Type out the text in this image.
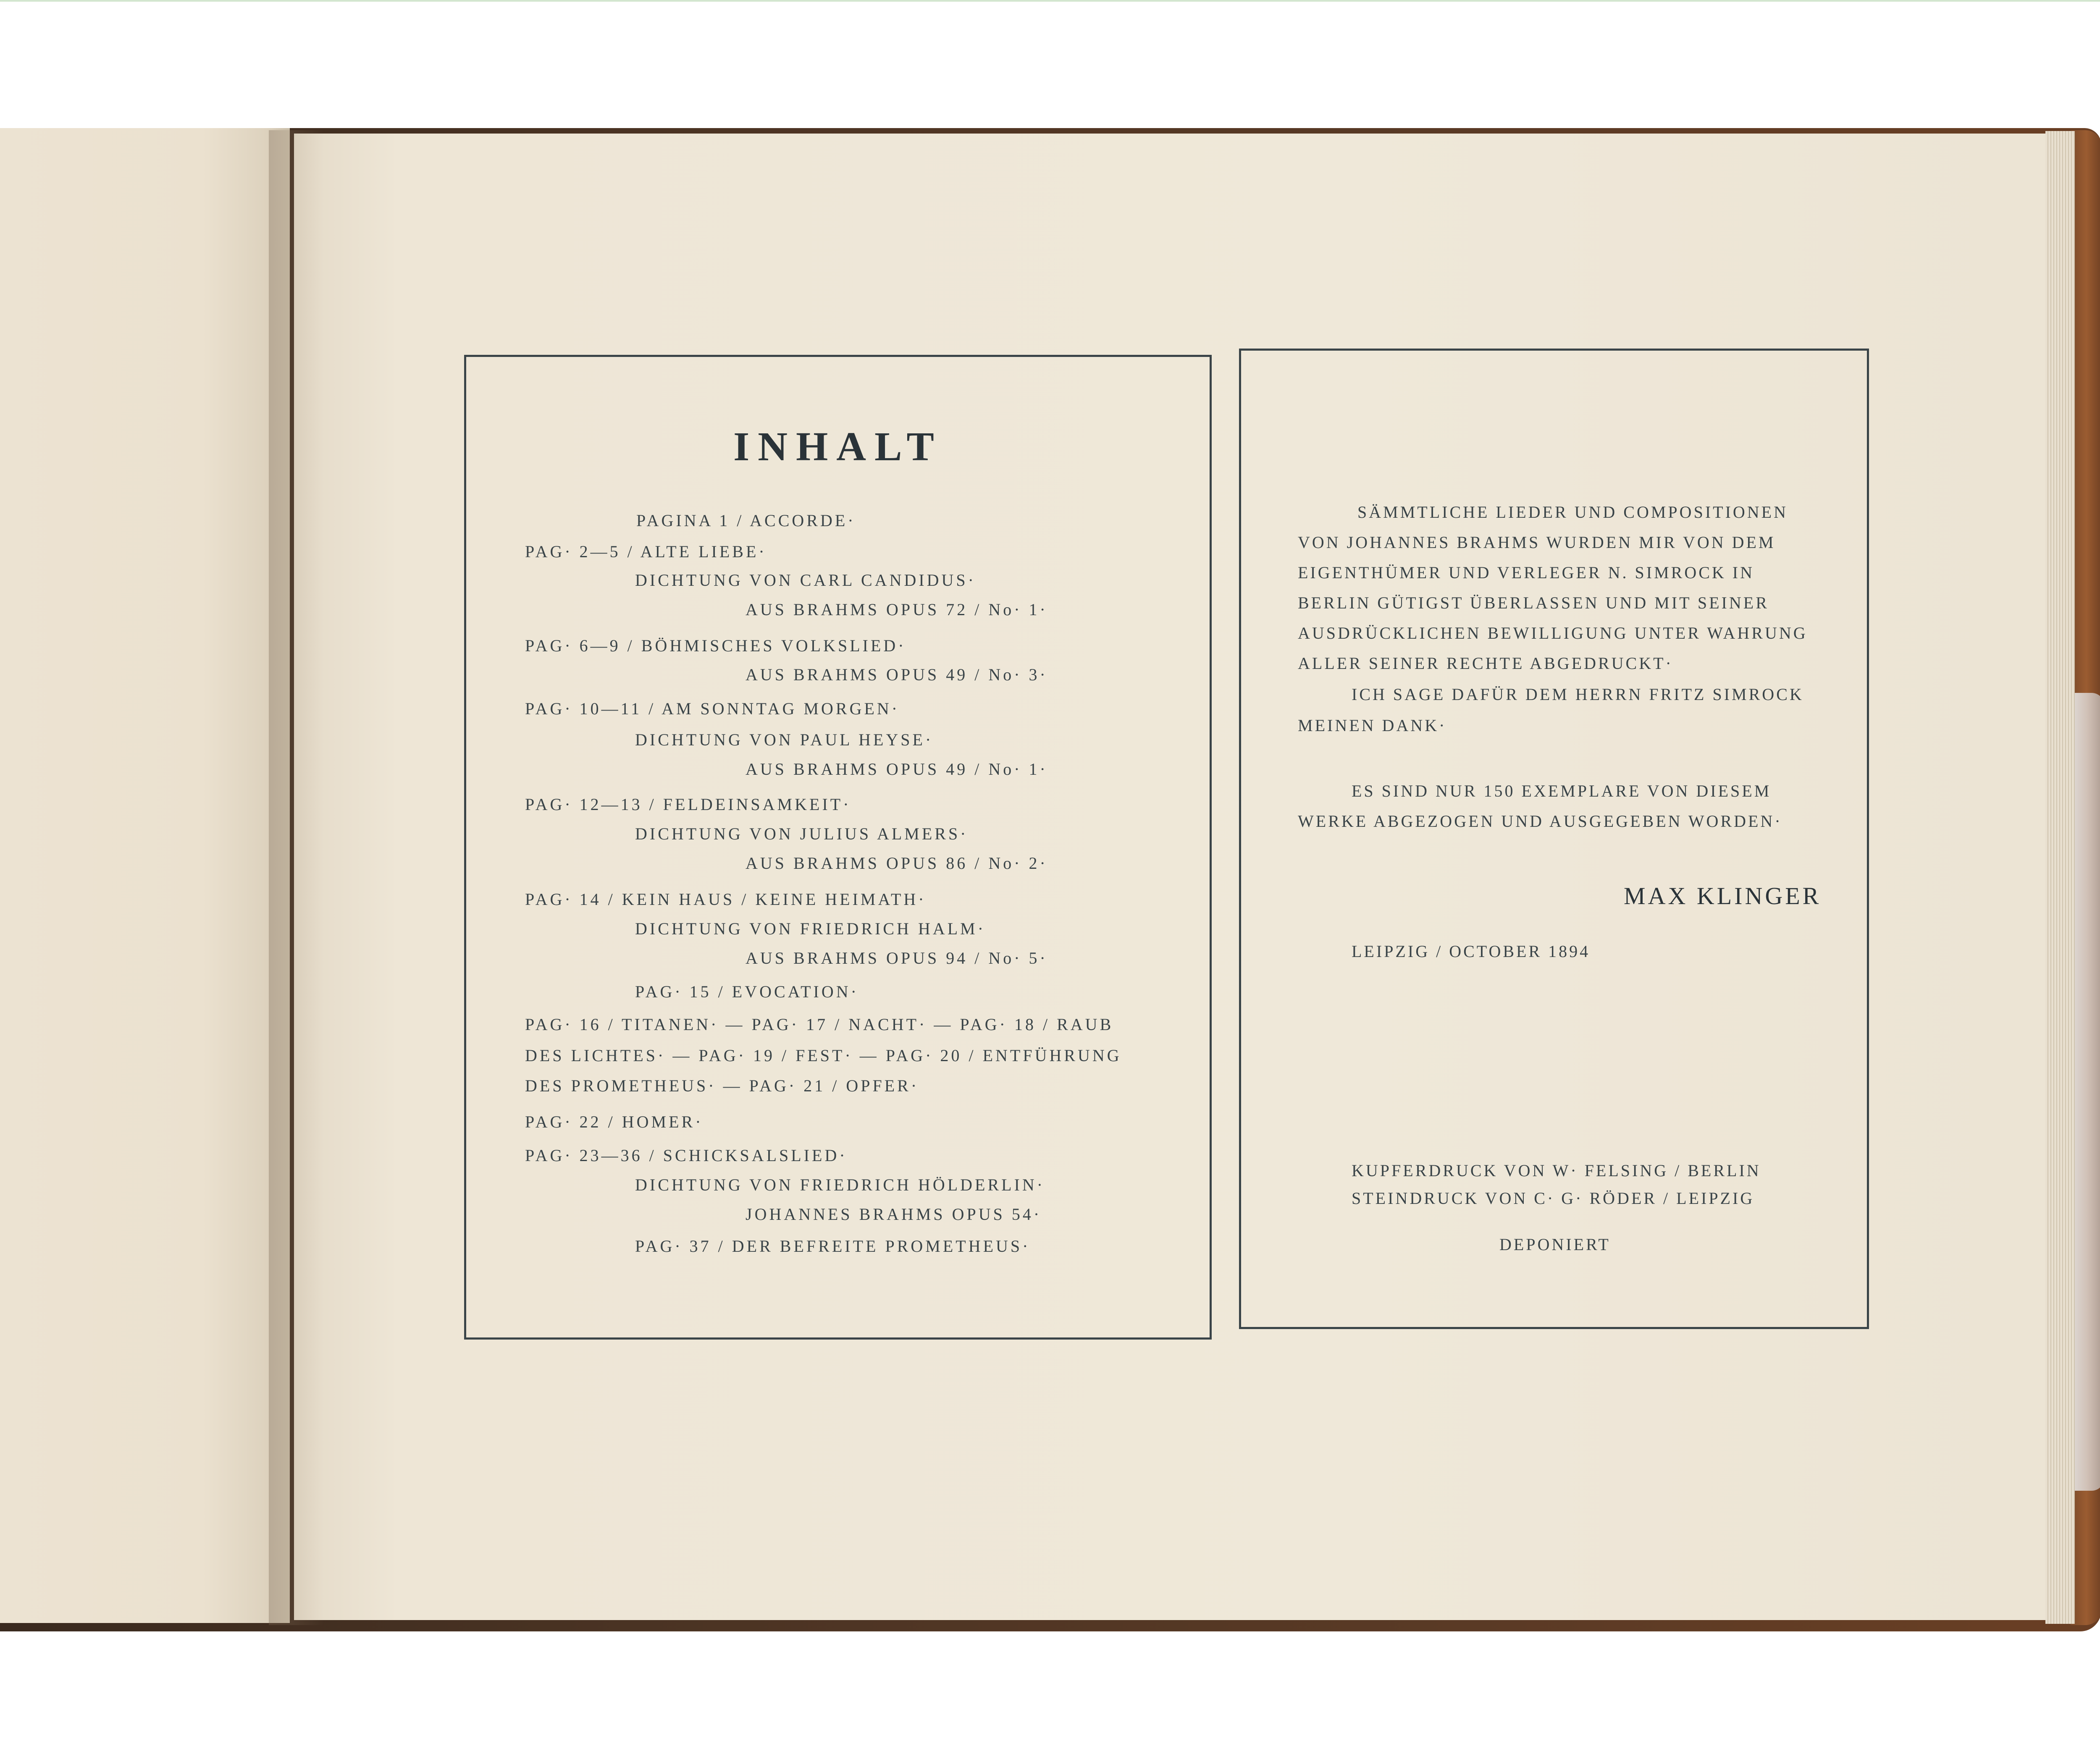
INHALT
PAGINA 1 / ACCORDE·
PAG· 2—5 / ALTE LIEBE·
DICHTUNG VON CARL CANDIDUS·
AUS BRAHMS OPUS 72 / No· 1·
PAG· 6—9 / BÖHMISCHES VOLKSLIED·
AUS BRAHMS OPUS 49 / No· 3·
PAG· 10—11 / AM SONNTAG MORGEN·
DICHTUNG VON PAUL HEYSE·
AUS BRAHMS OPUS 49 / No· 1·
PAG· 12—13 / FELDEINSAMKEIT·
DICHTUNG VON JULIUS ALMERS·
AUS BRAHMS OPUS 86 / No· 2·
PAG· 14 / KEIN HAUS / KEINE HEIMATH·
DICHTUNG VON FRIEDRICH HALM·
AUS BRAHMS OPUS 94 / No· 5·
PAG· 15 / EVOCATION·
PAG· 16 / TITANEN· — PAG· 17 / NACHT· — PAG· 18 / RAUB
DES LICHTES· — PAG· 19 / FEST· — PAG· 20 / ENTFÜHRUNG
DES PROMETHEUS· — PAG· 21 / OPFER·
PAG· 22 / HOMER·
PAG· 23—36 / SCHICKSALSLIED·
DICHTUNG VON FRIEDRICH HÖLDERLIN·
JOHANNES BRAHMS OPUS 54·
PAG· 37 / DER BEFREITE PROMETHEUS·
SÄMMTLICHE LIEDER UND COMPOSITIONEN
VON JOHANNES BRAHMS WURDEN MIR VON DEM
EIGENTHÜMER UND VERLEGER N. SIMROCK IN
BERLIN GÜTIGST ÜBERLASSEN UND MIT SEINER
AUSDRÜCKLICHEN BEWILLIGUNG UNTER WAHRUNG
ALLER SEINER RECHTE ABGEDRUCKT·
ICH SAGE DAFÜR DEM HERRN FRITZ SIMROCK
MEINEN DANK·
ES SIND NUR 150 EXEMPLARE VON DIESEM
WERKE ABGEZOGEN UND AUSGEGEBEN WORDEN·
MAX KLINGER
LEIPZIG / OCTOBER 1894
KUPFERDRUCK VON W· FELSING / BERLIN
STEINDRUCK VON C· G· RÖDER / LEIPZIG
DEPONIERT
